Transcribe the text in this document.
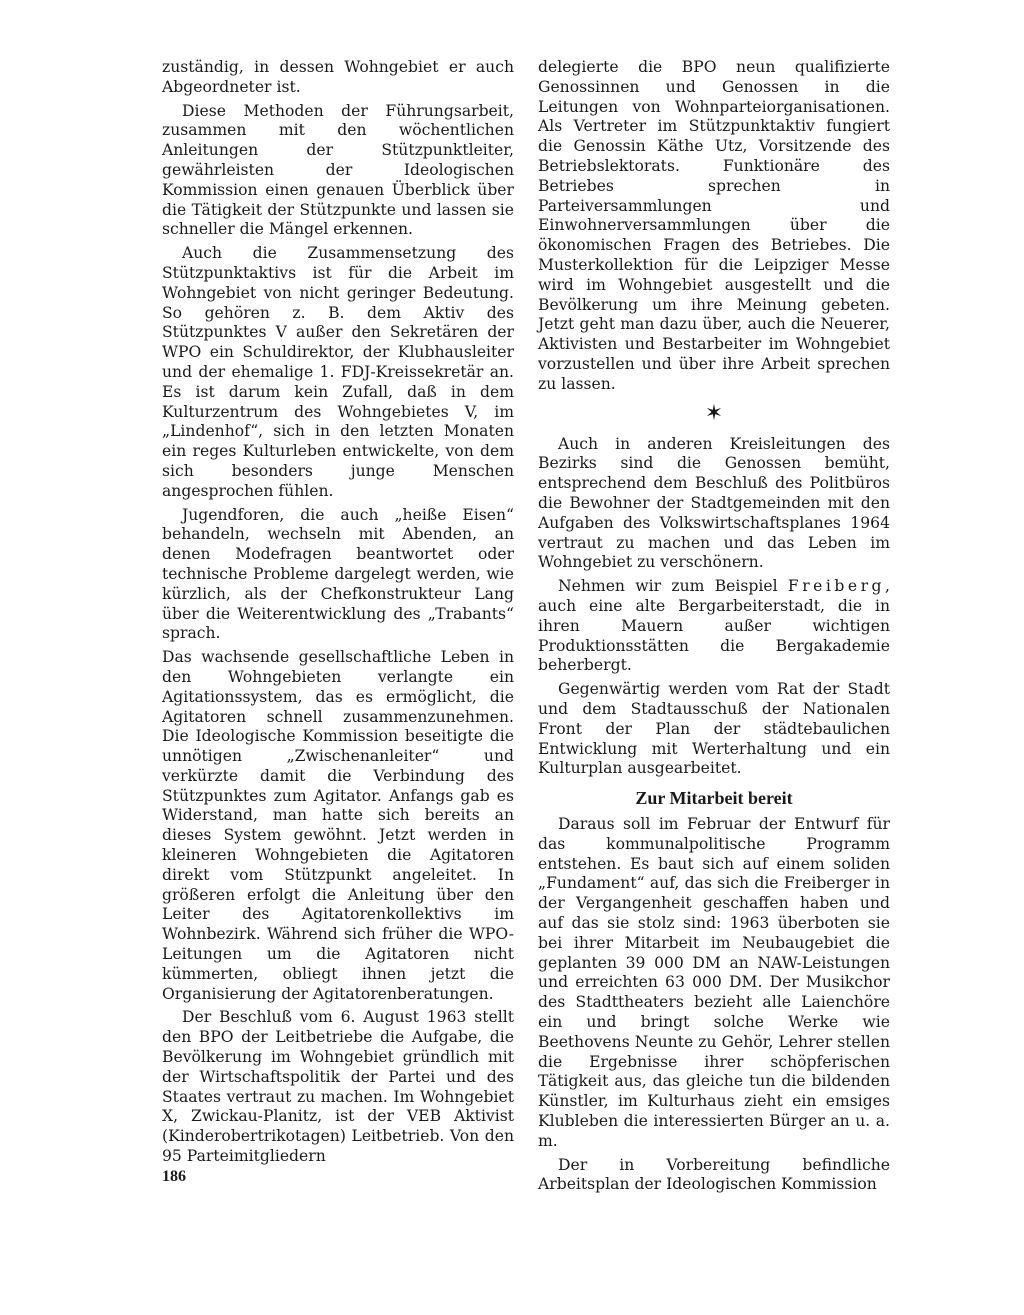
zuständig, in dessen Wohngebiet er auch Abgeordneter ist.

Diese Methoden der Führungsarbeit, zusammen mit den wöchentlichen Anleitungen der Stützpunktleiter, gewährleisten der Ideologischen Kommission einen genauen Überblick über die Tätigkeit der Stützpunkte und lassen sie schneller die Mängel erkennen.

Auch die Zusammensetzung des Stützpunktaktivs ist für die Arbeit im Wohngebiet von nicht geringer Bedeutung. So gehören z. B. dem Aktiv des Stützpunktes V außer den Sekretären der WPO ein Schuldirektor, der Klubhausleiter und der ehemalige 1. FDJ-Kreissekretär an. Es ist darum kein Zufall, daß in dem Kulturzentrum des Wohngebietes V, im „Lindenhof“, sich in den letzten Monaten ein reges Kulturleben entwickelte, von dem sich besonders junge Menschen angesprochen fühlen.

Jugendforen, die auch „heiße Eisen“ behandeln, wechseln mit Abenden, an denen Modefragen beantwortet oder technische Probleme dargelegt werden, wie kürzlich, als der Chefkonstrukteur Lang über die Weiterentwicklung des „Trabants“ sprach.

Das wachsende gesellschaftliche Leben in den Wohngebieten verlangte ein Agitationssystem, das es ermöglicht, die Agitatoren schnell zusammenzunehmen. Die Ideologische Kommission beseitigte die unnötigen „Zwischenanleiter“ und verkürzte damit die Verbindung des Stützpunktes zum Agitator. Anfangs gab es Widerstand, man hatte sich bereits an dieses System gewöhnt. Jetzt werden in kleineren Wohngebieten die Agitatoren direkt vom Stützpunkt angeleitet. In größeren erfolgt die Anleitung über den Leiter des Agitatorenkollektivs im Wohnbezirk. Während sich früher die WPO-Leitungen um die Agitatoren nicht kümmerten, obliegt ihnen jetzt die Organisierung der Agitatorenberatungen.

Der Beschluß vom 6. August 1963 stellt den BPO der Leitbetriebe die Aufgabe, die Bevölkerung im Wohngebiet gründlich mit der Wirtschaftspolitik der Partei und des Staates vertraut zu machen. Im Wohngebiet X, Zwickau-Planitz, ist der VEB Aktivist (Kinderobertrikotagen) Leitbetrieb. Von den 95 Parteimitgliedern

delegierte die BPO neun qualifizierte Genossinnen und Genossen in die Leitungen von Wohnparteiorganisationen. Als Vertreter im Stützpunktaktiv fungiert die Genossin Käthe Utz, Vorsitzende des Betriebslektorats. Funktionäre des Betriebes sprechen in Parteiversammlungen und Einwohnerversammlungen über die ökonomischen Fragen des Betriebes. Die Musterkollektion für die Leipziger Messe wird im Wohngebiet ausgestellt und die Bevölkerung um ihre Meinung gebeten. Jetzt geht man dazu über, auch die Neuerer, Aktivisten und Bestarbeiter im Wohngebiet vorzustellen und über ihre Arbeit sprechen zu lassen.

✶

Auch in anderen Kreisleitungen des Bezirks sind die Genossen bemüht, entsprechend dem Beschluß des Politbüros die Bewohner der Stadtgemeinden mit den Aufgaben des Volkswirtschaftsplanes 1964 vertraut zu machen und das Leben im Wohngebiet zu verschönern.

Nehmen wir zum Beispiel Freiberg, auch eine alte Bergarbeiterstadt, die in ihren Mauern außer wichtigen Produktionsstätten die Bergakademie beherbergt.

Gegenwärtig werden vom Rat der Stadt und dem Stadtausschuß der Nationalen Front der Plan der städtebaulichen Entwicklung mit Werterhaltung und ein Kulturplan ausgearbeitet.

Zur Mitarbeit bereit

Daraus soll im Februar der Entwurf für das kommunalpolitische Programm entstehen. Es baut sich auf einem soliden „Fundament“ auf, das sich die Freiberger in der Vergangenheit geschaffen haben und auf das sie stolz sind: 1963 überboten sie bei ihrer Mitarbeit im Neubaugebiet die geplanten 39 000 DM an NAW-Leistungen und erreichten 63 000 DM. Der Musikchor des Stadttheaters bezieht alle Laienchöre ein und bringt solche Werke wie Beethovens Neunte zu Gehör, Lehrer stellen die Ergebnisse ihrer schöpferischen Tätigkeit aus, das gleiche tun die bildenden Künstler, im Kulturhaus zieht ein emsiges Klubleben die interessierten Bürger an u. a. m.

Der in Vorbereitung befindliche Arbeitsplan der Ideologischen Kommission

186
